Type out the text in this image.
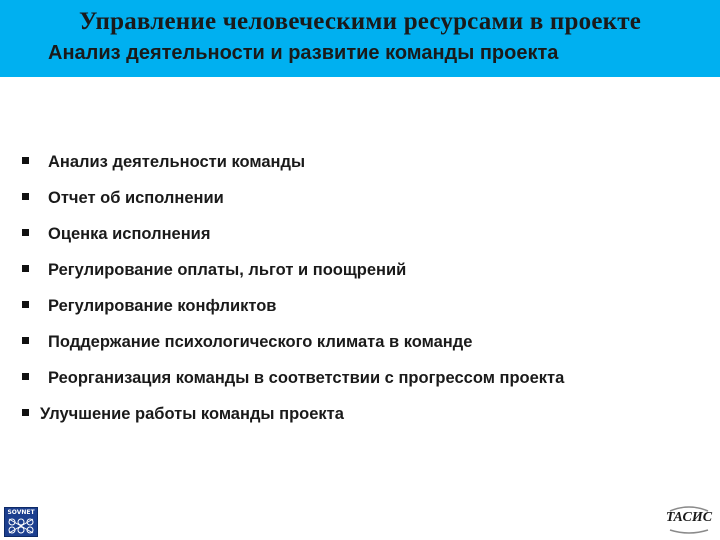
Управление человеческими ресурсами в проекте
Анализ деятельности и развитие команды проекта
Анализ деятельности команды
Отчет об исполнении
Оценка исполнения
Регулирование оплаты, льгот и поощрений
Регулирование конфликтов
Поддержание психологического климата в команде
Реорганизация команды в соответствии с прогрессом проекта
Улучшение работы команды проекта
SOVNET	ТАСИС
